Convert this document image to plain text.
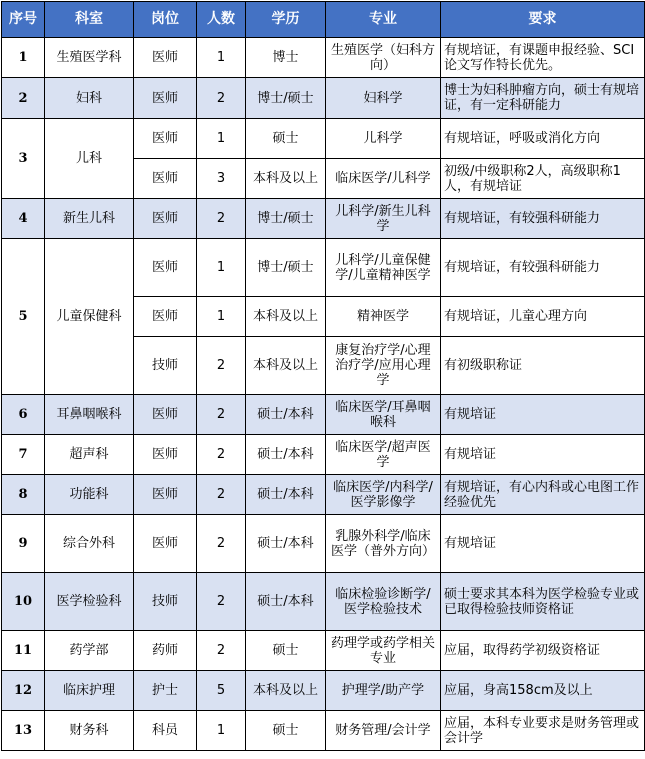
序号	科室	岗位	人数	学历	专业	要求
1	生殖医学科	医师	1	博士	生殖医学（妇科方向）	有规培证，有课题申报经验、SCI论文写作特长优先。
2	妇科	医师	2	博士/硕士	妇科学	博士为妇科肿瘤方向，硕士有规培证，有一定科研能力
3	儿科	医师	1	硕士	儿科学	有规培证，呼吸或消化方向
		医师	3	本科及以上	临床医学/儿科学	初级/中级职称2人，高级职称1人，有规培证
4	新生儿科	医师	2	博士/硕士	儿科学/新生儿科学	有规培证，有较强科研能力
5	儿童保健科	医师	1	博士/硕士	儿科学/儿童保健学/儿童精神医学	有规培证，有较强科研能力
		医师	1	本科及以上	精神医学	有规培证，儿童心理方向
		技师	2	本科及以上	康复治疗学/心理治疗学/应用心理学	有初级职称证
6	耳鼻咽喉科	医师	2	硕士/本科	临床医学/耳鼻咽喉科	有规培证
7	超声科	医师	2	硕士/本科	临床医学/超声医学	有规培证
8	功能科	医师	2	硕士/本科	临床医学/内科学/医学影像学	有规培证，有心内科或心电图工作经验优先
9	综合外科	医师	2	硕士/本科	乳腺外科学/临床医学（普外方向）	有规培证
10	医学检验科	技师	2	硕士/本科	临床检验诊断学/医学检验技术	硕士要求其本科为医学检验专业或已取得检验技师资格证
11	药学部	药师	2	硕士	药理学或药学相关专业	应届，取得药学初级资格证
12	临床护理	护士	5	本科及以上	护理学/助产学	应届，身高158cm及以上
13	财务科	科员	1	硕士	财务管理/会计学	应届，本科专业要求是财务管理或会计学
